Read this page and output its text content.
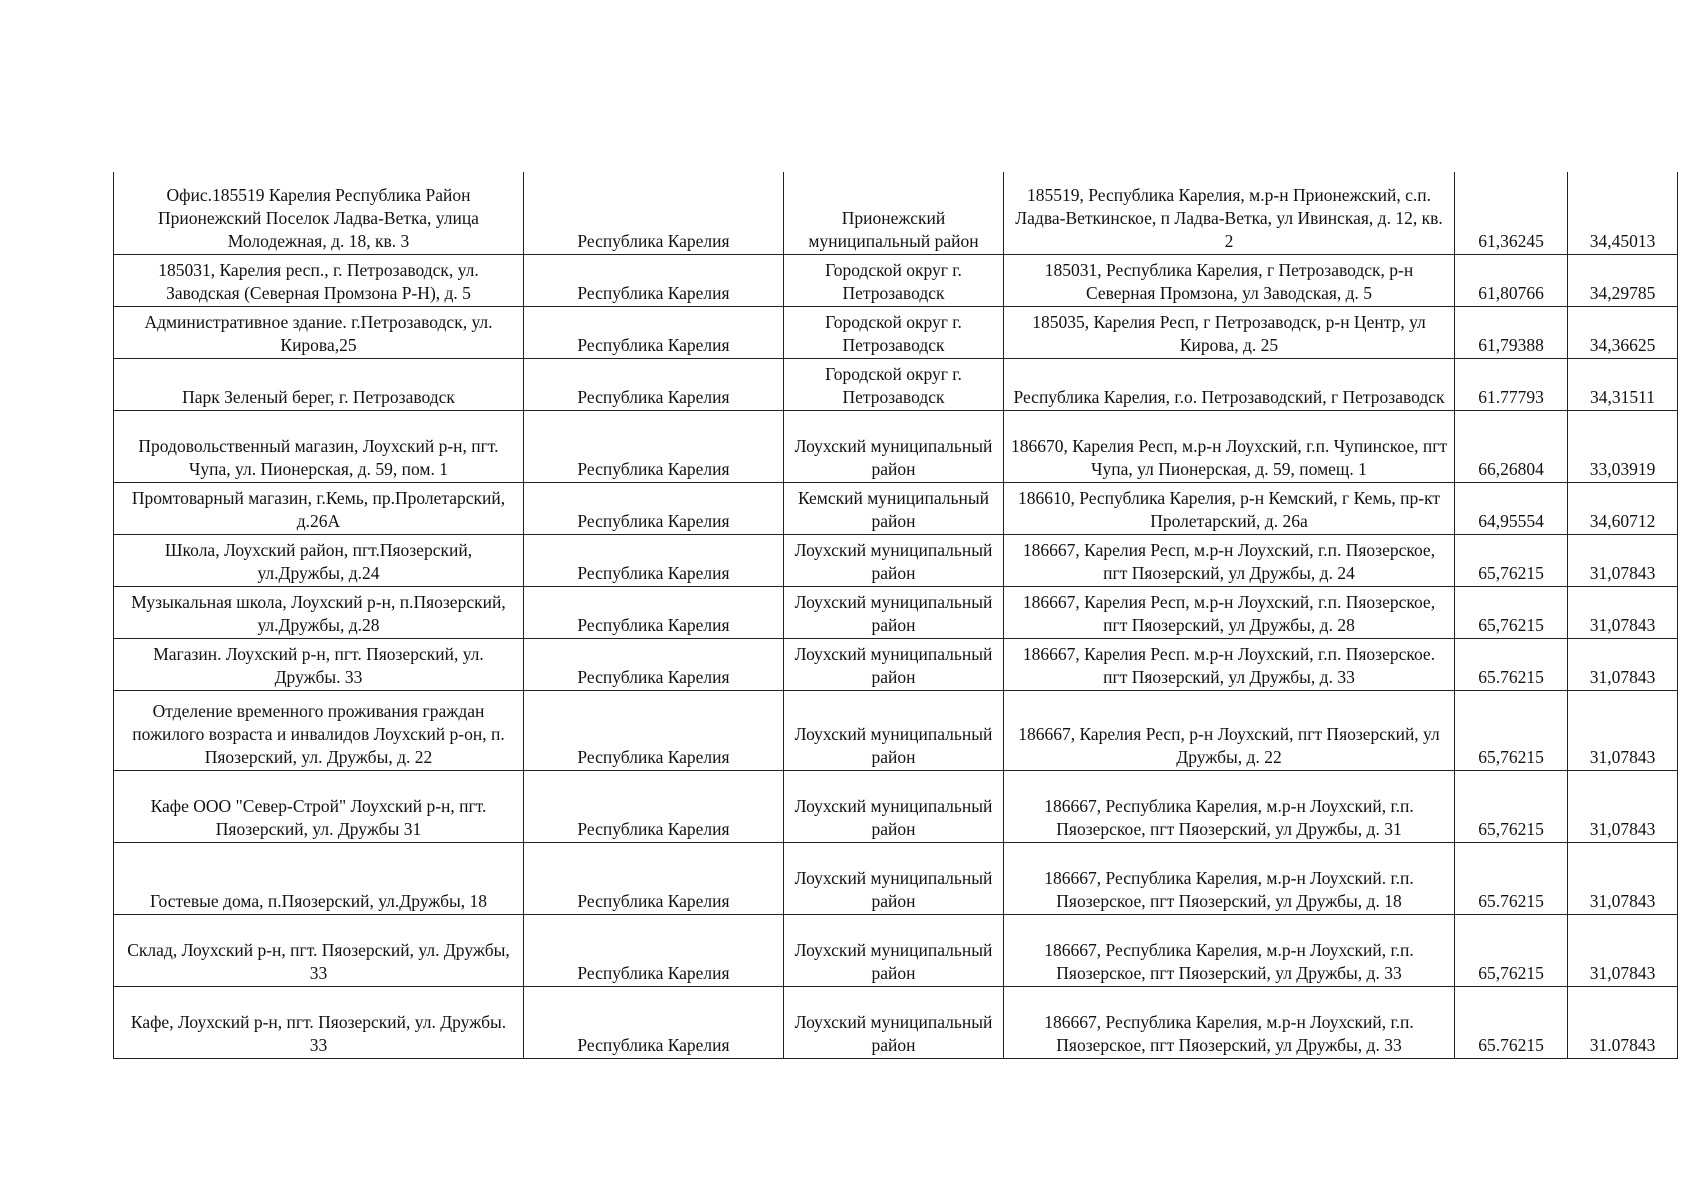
Офис.185519 Карелия Республика Район Прионежский Поселок Ладва-Ветка, улица Молодежная, д. 18, кв. 3	Республика Карелия	Прионежский муниципальный район	185519, Республика Карелия, м.р-н Прионежский, с.п. Ладва-Веткинское, п Ладва-Ветка, ул Ивинская, д. 12, кв. 2	61,36245	34,45013
185031, Карелия респ., г. Петрозаводск, ул. Заводская (Северная Промзона Р-Н), д. 5	Республика Карелия	Городской округ г. Петрозаводск	185031, Республика Карелия, г Петрозаводск, р-н Северная Промзона, ул Заводская, д. 5	61,80766	34,29785
Административное здание. г.Петрозаводск, ул. Кирова,25	Республика Карелия	Городской округ г. Петрозаводск	185035, Карелия Респ, г Петрозаводск, р-н Центр, ул Кирова, д. 25	61,79388	34,36625
Парк Зеленый берег, г. Петрозаводск	Республика Карелия	Городской округ г. Петрозаводск	Республика Карелия, г.о. Петрозаводский, г Петрозаводск	61.77793	34,31511
Продовольственный магазин, Лоухский р-н, пгт. Чупа, ул. Пионерская, д. 59, пом. 1	Республика Карелия	Лоухский муниципальный район	186670, Карелия Респ, м.р-н Лоухский, г.п. Чупинское, пгт Чупа, ул Пионерская, д. 59, помещ. 1	66,26804	33,03919
Промтоварный магазин, г.Кемь, пр.Пролетарский, д.26А	Республика Карелия	Кемский муниципальный район	186610, Республика Карелия, р-н Кемский, г Кемь, пр-кт Пролетарский, д. 26а	64,95554	34,60712
Школа, Лоухский район, пгт.Пяозерский, ул.Дружбы, д.24	Республика Карелия	Лоухский муниципальный район	186667, Карелия Респ, м.р-н Лоухский, г.п. Пяозерское, пгт Пяозерский, ул Дружбы, д. 24	65,76215	31,07843
Музыкальная школа, Лоухский р-н, п.Пяозерский, ул.Дружбы, д.28	Республика Карелия	Лоухский муниципальный район	186667, Карелия Респ, м.р-н Лоухский, г.п. Пяозерское, пгт Пяозерский, ул Дружбы, д. 28	65,76215	31,07843
Магазин. Лоухский р-н, пгт. Пяозерский, ул. Дружбы. 33	Республика Карелия	Лоухский муниципальный район	186667, Карелия Респ. м.р-н Лоухский, г.п. Пяозерское. пгт Пяозерский, ул Дружбы, д. 33	65.76215	31,07843
Отделение временного проживания граждан пожилого возраста и инвалидов Лоухский р-он, п. Пяозерский, ул. Дружбы, д. 22	Республика Карелия	Лоухский муниципальный район	186667, Карелия Респ, р-н Лоухский, пгт Пяозерский, ул Дружбы, д. 22	65,76215	31,07843
Кафе ООО "Север-Строй" Лоухский р-н, пгт. Пяозерский, ул. Дружбы 31	Республика Карелия	Лоухский муниципальный район	186667, Республика Карелия, м.р-н Лоухский, г.п. Пяозерское, пгт Пяозерский, ул Дружбы, д. 31	65,76215	31,07843
Гостевые дома, п.Пяозерский, ул.Дружбы, 18	Республика Карелия	Лоухский муниципальный район	186667, Республика Карелия, м.р-н Лоухский. г.п. Пяозерское, пгт Пяозерский, ул Дружбы, д. 18	65.76215	31,07843
Склад, Лоухский р-н, пгт. Пяозерский, ул. Дружбы, 33	Республика Карелия	Лоухский муниципальный район	186667, Республика Карелия, м.р-н Лоухский, г.п. Пяозерское, пгт Пяозерский, ул Дружбы, д. 33	65,76215	31,07843
Кафе, Лоухский р-н, пгт. Пяозерский, ул. Дружбы. 33	Республика Карелия	Лоухский муниципальный район	186667, Республика Карелия, м.р-н Лоухский, г.п. Пяозерское, пгт Пяозерский, ул Дружбы, д. 33	65.76215	31.07843
